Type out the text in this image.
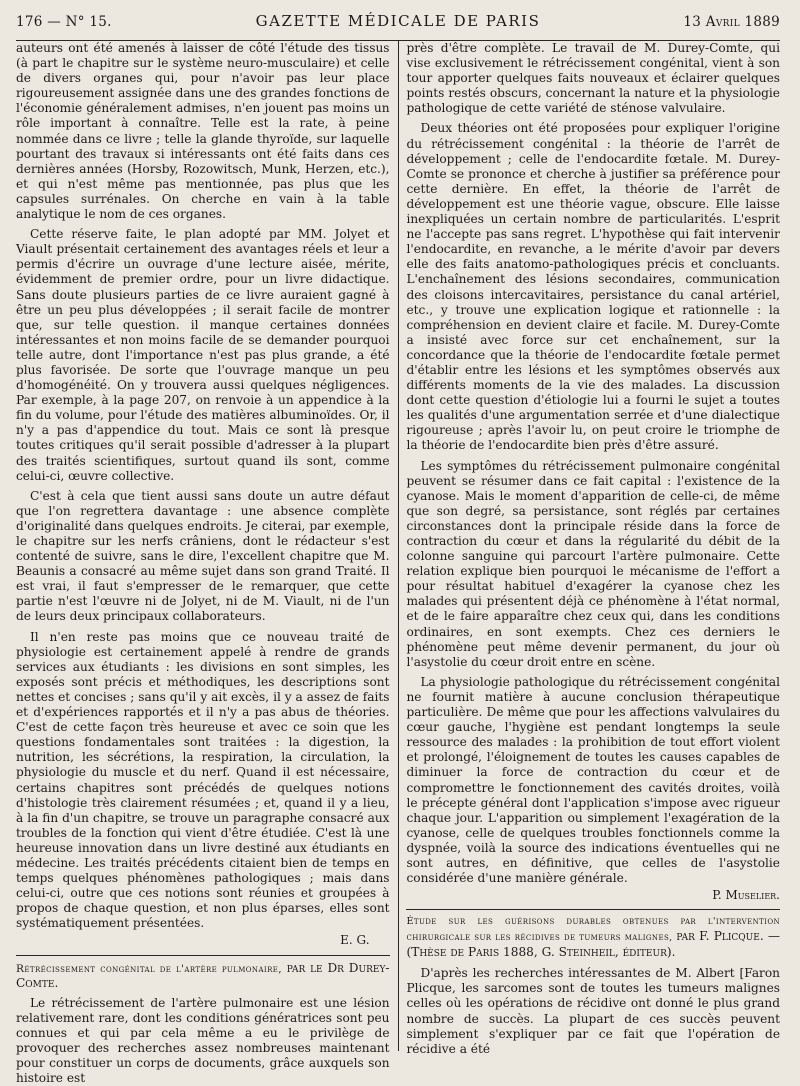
176 — N° 15.	GAZETTE MÉDICALE DE PARIS	13 Avril 1889

auteurs ont été amenés à laisser de côté l'étude des tissus (à part le chapitre sur le système neuro-musculaire) et celle de divers organes qui, pour n'avoir pas leur place rigoureusement assignée dans une des grandes fonctions de l'économie généralement admises, n'en jouent pas moins un rôle important à connaître. Telle est la rate, à peine nommée dans ce livre ; telle la glande thyroïde, sur laquelle pourtant des travaux si intéressants ont été faits dans ces dernières années (Horsby, Rozowitsch, Munk, Herzen, etc.), et qui n'est même pas mentionnée, pas plus que les capsules surrénales. On cherche en vain à la table analytique le nom de ces organes.

Cette réserve faite, le plan adopté par MM. Jolyet et Viault présentait certainement des avantages réels et leur a permis d'écrire un ouvrage d'une lecture aisée, mérite, évidemment de premier ordre, pour un livre didactique. Sans doute plusieurs parties de ce livre auraient gagné à être un peu plus développées ; il serait facile de montrer que, sur telle question. il manque certaines données intéressantes et non moins facile de se demander pourquoi telle autre, dont l'importance n'est pas plus grande, a été plus favorisée. De sorte que l'ouvrage manque un peu d'homogénéité. On y trouvera aussi quelques négligences. Par exemple, à la page 207, on renvoie à un appendice à la fin du volume, pour l'étude des matières albuminoïdes. Or, il n'y a pas d'appendice du tout. Mais ce sont là presque toutes critiques qu'il serait possible d'adresser à la plupart des traités scientifiques, surtout quand ils sont, comme celui-ci, œuvre collective.

C'est à cela que tient aussi sans doute un autre défaut que l'on regrettera davantage : une absence complète d'originalité dans quelques endroits. Je citerai, par exemple, le chapitre sur les nerfs crâniens, dont le rédacteur s'est contenté de suivre, sans le dire, l'excellent chapitre que M. Beaunis a consacré au même sujet dans son grand Traité. Il est vrai, il faut s'empresser de le remarquer, que cette partie n'est l'œuvre ni de Jolyet, ni de M. Viault, ni de l'un de leurs deux principaux collaborateurs.

Il n'en reste pas moins que ce nouveau traité de physiologie est certainement appelé à rendre de grands services aux étudiants : les divisions en sont simples, les exposés sont précis et méthodiques, les descriptions sont nettes et concises ; sans qu'il y ait excès, il y a assez de faits et d'expériences rapportés et il n'y a pas abus de théories. C'est de cette façon très heureuse et avec ce soin que les questions fondamentales sont traitées : la digestion, la nutrition, les sécrétions, la respiration, la circulation, la physiologie du muscle et du nerf. Quand il est nécessaire, certains chapitres sont précédés de quelques notions d'histologie très clairement résumées ; et, quand il y a lieu, à la fin d'un chapitre, se trouve un paragraphe consacré aux troubles de la fonction qui vient d'être étudiée. C'est là une heureuse innovation dans un livre destiné aux étudiants en médecine. Les traités précédents citaient bien de temps en temps quelques phénomènes pathologiques ; mais dans celui-ci, outre que ces notions sont réunies et groupées à propos de chaque question, et non plus éparses, elles sont systématiquement présentées.

E. G.

Rétrécissement congénital de l'artère pulmonaire, par le Dr Durey-Comte.

Le rétrécissement de l'artère pulmonaire est une lésion relativement rare, dont les conditions génératrices sont peu connues et qui par cela même a eu le privilège de provoquer des recherches assez nombreuses maintenant pour constituer un corps de documents, grâce auxquels son histoire est

près d'être complète. Le travail de M. Durey-Comte, qui vise exclusivement le rétrécissement congénital, vient à son tour apporter quelques faits nouveaux et éclairer quelques points restés obscurs, concernant la nature et la physiologie pathologique de cette variété de sténose valvulaire.

Deux théories ont été proposées pour expliquer l'origine du rétrécissement congénital : la théorie de l'arrêt de développement ; celle de l'endocardite fœtale. M. Durey-Comte se prononce et cherche à justifier sa préférence pour cette dernière. En effet, la théorie de l'arrêt de développement est une théorie vague, obscure. Elle laisse inexpliquées un certain nombre de particularités. L'esprit ne l'accepte pas sans regret. L'hypothèse qui fait intervenir l'endocardite, en revanche, a le mérite d'avoir par devers elle des faits anatomo-pathologiques précis et concluants. L'enchaînement des lésions secondaires, communication des cloisons intercavitaires, persistance du canal artériel, etc., y trouve une explication logique et rationnelle : la compréhension en devient claire et facile. M. Durey-Comte a insisté avec force sur cet enchaînement, sur la concordance que la théorie de l'endocardite fœtale permet d'établir entre les lésions et les symptômes observés aux différents moments de la vie des malades. La discussion dont cette question d'étiologie lui a fourni le sujet a toutes les qualités d'une argumentation serrée et d'une dialectique rigoureuse ; après l'avoir lu, on peut croire le triomphe de la théorie de l'endocardite bien près d'être assuré.

Les symptômes du rétrécissement pulmonaire congénital peuvent se résumer dans ce fait capital : l'existence de la cyanose. Mais le moment d'apparition de celle-ci, de même que son degré, sa persistance, sont réglés par certaines circonstances dont la principale réside dans la force de contraction du cœur et dans la régularité du débit de la colonne sanguine qui parcourt l'artère pulmonaire. Cette relation explique bien pourquoi le mécanisme de l'effort a pour résultat habituel d'exagérer la cyanose chez les malades qui présentent déjà ce phénomène à l'état normal, et de le faire apparaître chez ceux qui, dans les conditions ordinaires, en sont exempts. Chez ces derniers le phénomène peut même devenir permanent, du jour où l'asystolie du cœur droit entre en scène.

La physiologie pathologique du rétrécissement congénital ne fournit matière à aucune conclusion thérapeutique particulière. De même que pour les affections valvulaires du cœur gauche, l'hygiène est pendant longtemps la seule ressource des malades : la prohibition de tout effort violent et prolongé, l'éloignement de toutes les causes capables de diminuer la force de contraction du cœur et de compromettre le fonctionnement des cavités droites, voilà le précepte général dont l'application s'impose avec rigueur chaque jour. L'apparition ou simplement l'exagération de la cyanose, celle de quelques troubles fonctionnels comme la dyspnée, voilà la source des indications éventuelles qui ne sont autres, en définitive, que celles de l'asystolie considérée d'une manière générale.

P. Muselier.

Étude sur les guérisons durables obtenues par l'intervention chirurgicale sur les récidives de tumeurs malignes, par F. Plicque. — (Thèse de Paris 1888, G. Steinheil, éditeur).

D'après les recherches intéressantes de M. Albert [Faron Plicque, les sarcomes sont de toutes les tumeurs malignes celles où les opérations de récidive ont donné le plus grand nombre de succès. La plupart de ces succès peuvent simplement s'expliquer par ce fait que l'opération de récidive a été
